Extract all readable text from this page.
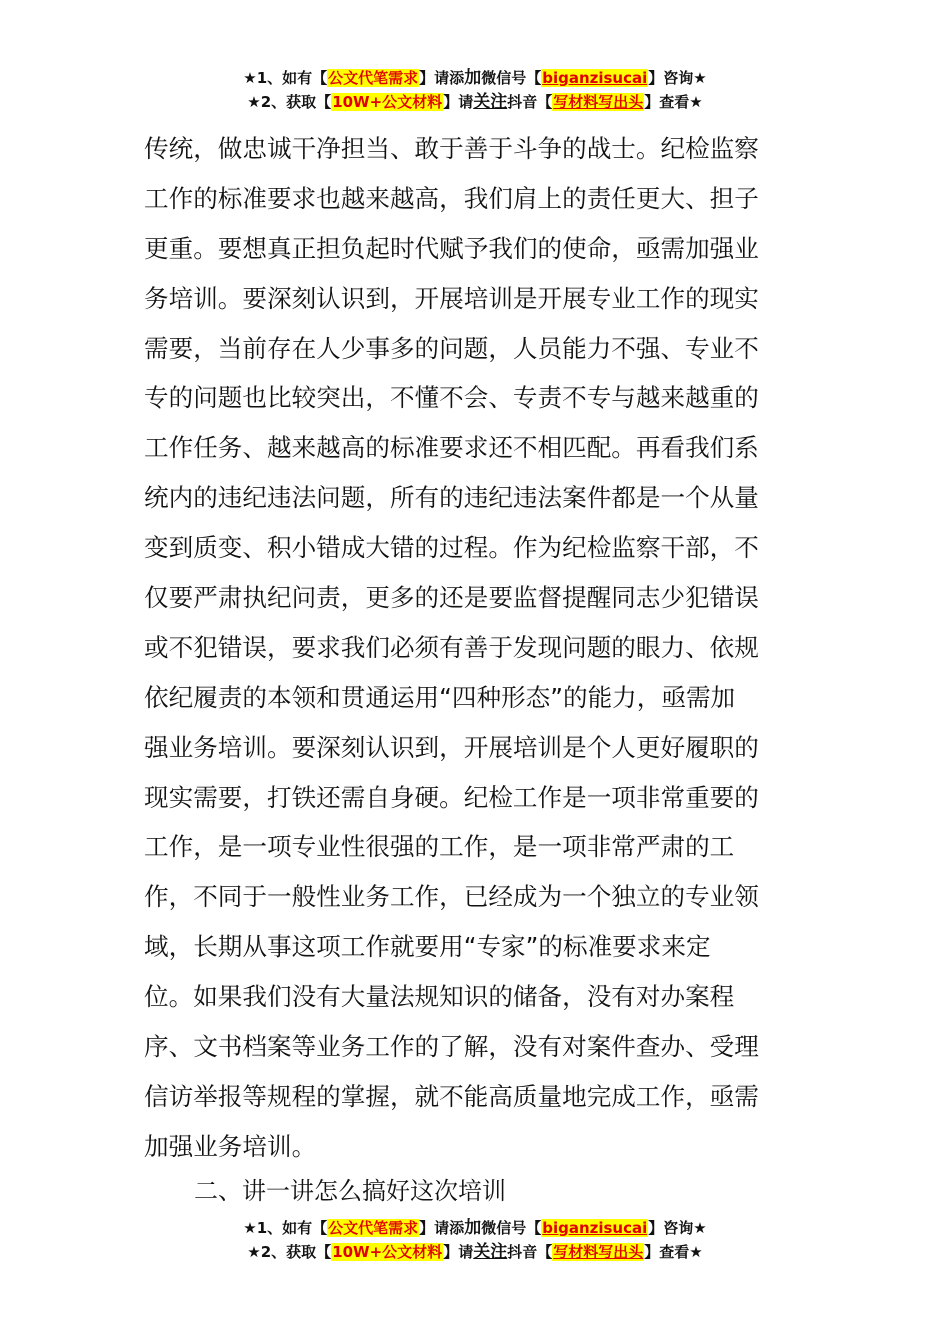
★1、如有【公文代笔需求】请添加微信号【biganzisucai】咨询★
★2、获取【10W+公文材料】请关注抖音【写材料写出头】查看★
传统，做忠诚干净担当、敢于善于斗争的战士。纪检监察
工作的标准要求也越来越高，我们肩上的责任更大、担子
更重。要想真正担负起时代赋予我们的使命，亟需加强业
务培训。要深刻认识到，开展培训是开展专业工作的现实
需要，当前存在人少事多的问题，人员能力不强、专业不
专的问题也比较突出，不懂不会、专责不专与越来越重的
工作任务、越来越高的标准要求还不相匹配。再看我们系
统内的违纪违法问题，所有的违纪违法案件都是一个从量
变到质变、积小错成大错的过程。作为纪检监察干部，不
仅要严肃执纪问责，更多的还是要监督提醒同志少犯错误
或不犯错误，要求我们必须有善于发现问题的眼力、依规
依纪履责的本领和贯通运用“四种形态”的能力，亟需加
强业务培训。要深刻认识到，开展培训是个人更好履职的
现实需要，打铁还需自身硬。纪检工作是一项非常重要的
工作，是一项专业性很强的工作，是一项非常严肃的工
作，不同于一般性业务工作，已经成为一个独立的专业领
域，长期从事这项工作就要用“专家”的标准要求来定
位。如果我们没有大量法规知识的储备，没有对办案程
序、文书档案等业务工作的了解，没有对案件查办、受理
信访举报等规程的掌握，就不能高质量地完成工作，亟需
加强业务培训。
二、讲一讲怎么搞好这次培训
★1、如有【公文代笔需求】请添加微信号【biganzisucai】咨询★
★2、获取【10W+公文材料】请关注抖音【写材料写出头】查看★
